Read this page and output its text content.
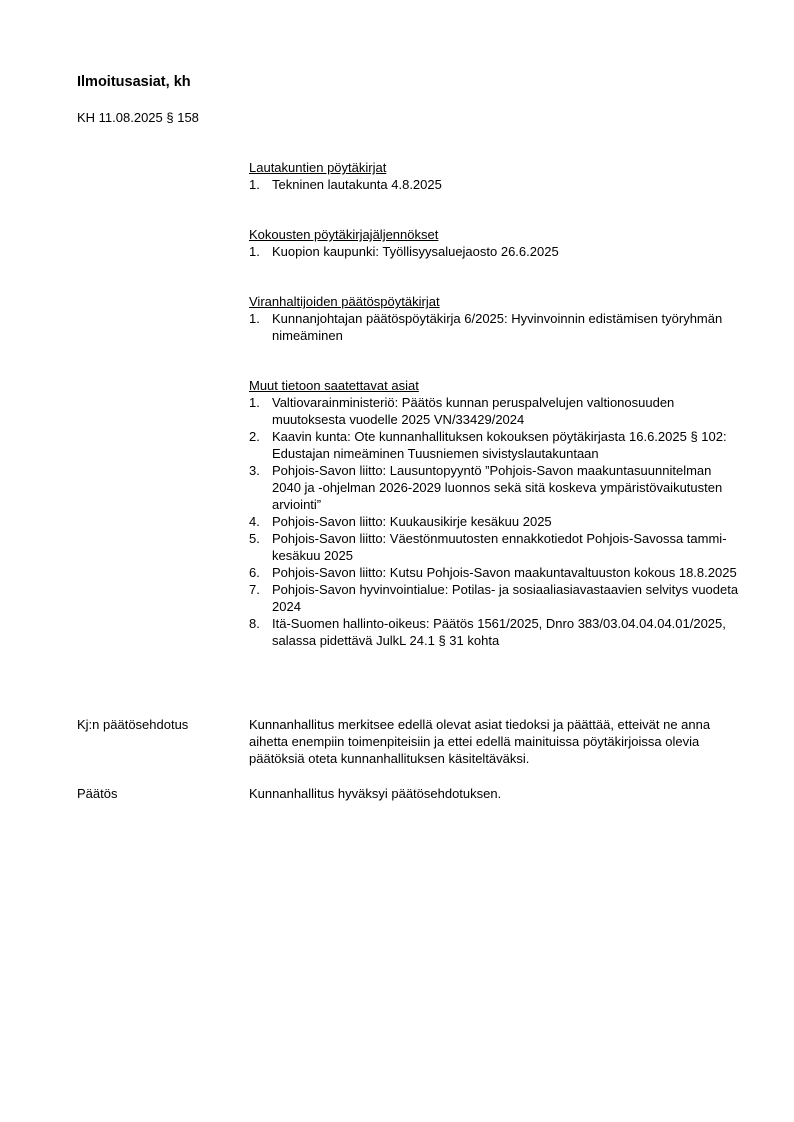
Ilmoitusasiat, kh
KH 11.08.2025 § 158
Lautakuntien pöytäkirjat
1. Tekninen lautakunta 4.8.2025
Kokousten pöytäkirjajäljennökset
1. Kuopion kaupunki: Työllisyysaluejaosto 26.6.2025
Viranhaltijoiden päätöspöytäkirjat
1. Kunnanjohtajan päätöspöytäkirja 6/2025: Hyvinvoinnin edistämisen työryhmän nimeäminen
Muut tietoon saatettavat asiat
1. Valtiovarainministeriö: Päätös kunnan peruspalvelujen valtionosuuden muutoksesta vuodelle 2025 VN/33429/2024
2. Kaavin kunta: Ote kunnanhallituksen kokouksen pöytäkirjasta 16.6.2025 § 102: Edustajan nimeäminen Tuusniemen sivistyslautakuntaan
3. Pohjois-Savon liitto: Lausuntopyyntö ”Pohjois-Savon maakuntasuunnitelman 2040 ja -ohjelman 2026-2029 luonnos sekä sitä koskeva ympäristövaikutusten arviointi”
4. Pohjois-Savon liitto: Kuukausikirje kesäkuu 2025
5. Pohjois-Savon liitto: Väestönmuutosten ennakkotiedot Pohjois-Savossa tammi-kesäkuu 2025
6. Pohjois-Savon liitto: Kutsu Pohjois-Savon maakuntavaltuuston kokous 18.8.2025
7. Pohjois-Savon hyvinvointialue: Potilas- ja sosiaaliasiavastaavien selvitys vuodeta 2024
8. Itä-Suomen hallinto-oikeus: Päätös 1561/2025, Dnro 383/03.04.04.04.01/2025, salassa pidettävä JulkL 24.1 § 31 kohta
Kj:n päätösehdotus	Kunnanhallitus merkitsee edellä olevat asiat tiedoksi ja päättää, etteivät ne anna aihetta enempiin toimenpiteisiin ja ettei edellä mainituissa pöytäkirjoissa olevia päätöksiä oteta kunnanhallituksen käsiteltäväksi.
Päätös	Kunnanhallitus hyväksyi päätösehdotuksen.
